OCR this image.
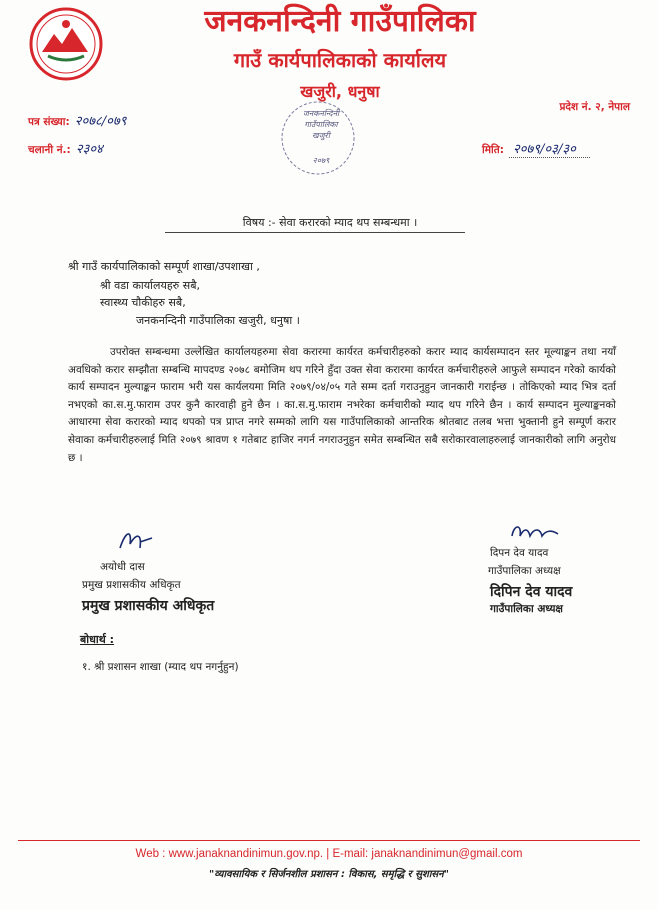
जनकनन्दिनी गाउँपालिका
गाउँ कार्यपालिकाको कार्यालय
खजुरी, धनुषा
प्रदेश नं. २, नेपाल
पत्र संख्या: २०७८/०७९
चलानी नं.: २३०४	मिति: २०७९/०३/३०
जनकनन्दिनी
गाउँपालिका
खजुरी
२०७९
विषय :- सेवा करारको म्याद थप सम्बन्धमा ।
श्री गाउँ कार्यपालिकाको सम्पूर्ण शाखा/उपशाखा ,
श्री वडा कार्यालयहरु सबै,
स्वास्थ्य चौकीहरु सबै,
जनकनन्दिनी गाउँपालिका खजुरी, धनुषा ।
उपरोक्त सम्बन्धमा उल्लेखित कार्यालयहरुमा सेवा करारमा कार्यरत कर्मचारीहरुको करार म्याद कार्यसम्पादन स्तर मूल्याङ्कन तथा नयाँ अवधिको करार सम्झौता सम्बन्धि मापदण्ड २०७८ बमोजिम थप गरिने हुँदा उक्त सेवा करारमा कार्यरत कर्मचारीहरुले आफुले सम्पादन गरेको कार्यको कार्य सम्पादन मुल्याङ्कन फाराम भरी यस कार्यलयमा मिति २०७९/०४/०५ गते सम्म दर्ता गराउनुहुन जानकारी गराईन्छ । तोकिएको म्याद भित्र दर्ता नभएको का.स.मु.फाराम उपर कुनै कारवाही हुने छैन । का.स.मु.फाराम नभरेका कर्मचारीको म्याद थप गरिने छैन । कार्य सम्पादन मुल्याङ्कनको आधारमा सेवा करारको म्याद थपको पत्र प्राप्त नगरे सम्मको लागि यस गाउँपालिकाको आन्तरिक श्रोतबाट तलब भत्ता भुक्तानी हुने सम्पूर्ण करार सेवाका कर्मचारीहरुलाई मिति २०७९ श्रावण १ गतेबाट हाजिर नगर्न नगराउनुहुन समेत सम्बन्धित सबै सरोकारवालाहरुलाई जानकारीको लागि अनुरोध छ ।
अयोधी दास
प्रमुख प्रशासकीय अधिकृत
प्रमुख प्रशासकीय अधिकृत
दिपन देव यादव
गाउँपालिका अध्यक्ष
दिपिन देव यादव
गाउँपालिका अध्यक्ष
बोधार्थ :
१. श्री प्रशासन शाखा (म्याद थप नगर्नुहुन)
Web : www.janaknandinimun.gov.np. | E-mail: janaknandinimun@gmail.com
"व्यावसायिक र सिर्जनशील प्रशासन : विकास, समृद्धि र सुशासन"
